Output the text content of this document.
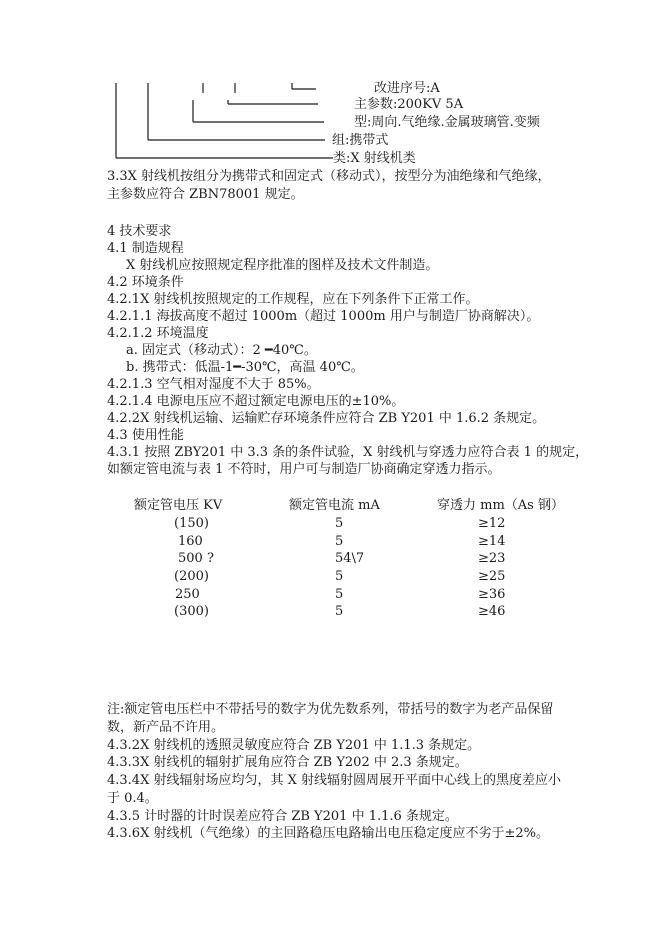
改进序号:A
主参数:200KV 5A
型:周向.气绝缘.金属玻璃管.变频
组:携带式
类:X 射线机类
3.3X 射线机按组分为携带式和固定式（移动式），按型分为油绝缘和气绝缘，
主参数应符合 ZBN78001 规定。
4 技术要求
4.1 制造规程
X 射线机应按照规定程序批准的图样及技术文件制造。
4.2 环境条件
4.2.1X 射线机按照规定的工作规程，应在下列条件下正常工作。
4.2.1.1 海拔高度不超过 1000m（超过 1000m 用户与制造厂协商解决）。
4.2.1.2 环境温度
a. 固定式（移动式）：2 ━40℃。
b. 携带式：低温-1━-30℃，高温 40℃。
4.2.1.3 空气相对湿度不大于 85%。
4.2.1.4 电源电压应不超过额定电源电压的±10%。
4.2.2X 射线机运输、运输贮存环境条件应符合 ZB Y201 中 1.6.2 条规定。
4.3 使用性能
4.3.1 按照 ZBY201 中 3.3 条的条件试验，X 射线机与穿透力应符合表 1 的规定，
如额定管电流与表 1 不符时，用户可与制造厂协商确定穿透力指示。
额定管电压 KV	额定管电流 mA	穿透力 mm（As 钢）
(150)	5	≥12
160	5	≥14
500 ?	54\7	≥23
(200)	5	≥25
250	5	≥36
(300)	5	≥46
注:额定管电压栏中不带括号的数字为优先数系列，带括号的数字为老产品保留
数，新产品不许用。
4.3.2X 射线机的透照灵敏度应符合 ZB Y201 中 1.1.3 条规定。
4.3.3X 射线机的辐射扩展角应符合 ZB Y202 中 2.3 条规定。
4.3.4X 射线辐射场应均匀，其 X 射线辐射圆周展开平面中心线上的黑度差应小
于 0.4。
4.3.5 计时器的计时误差应符合 ZB Y201 中 1.1.6 条规定。
4.3.6X 射线机（气绝缘）的主回路稳压电路输出电压稳定度应不劣于±2%。
